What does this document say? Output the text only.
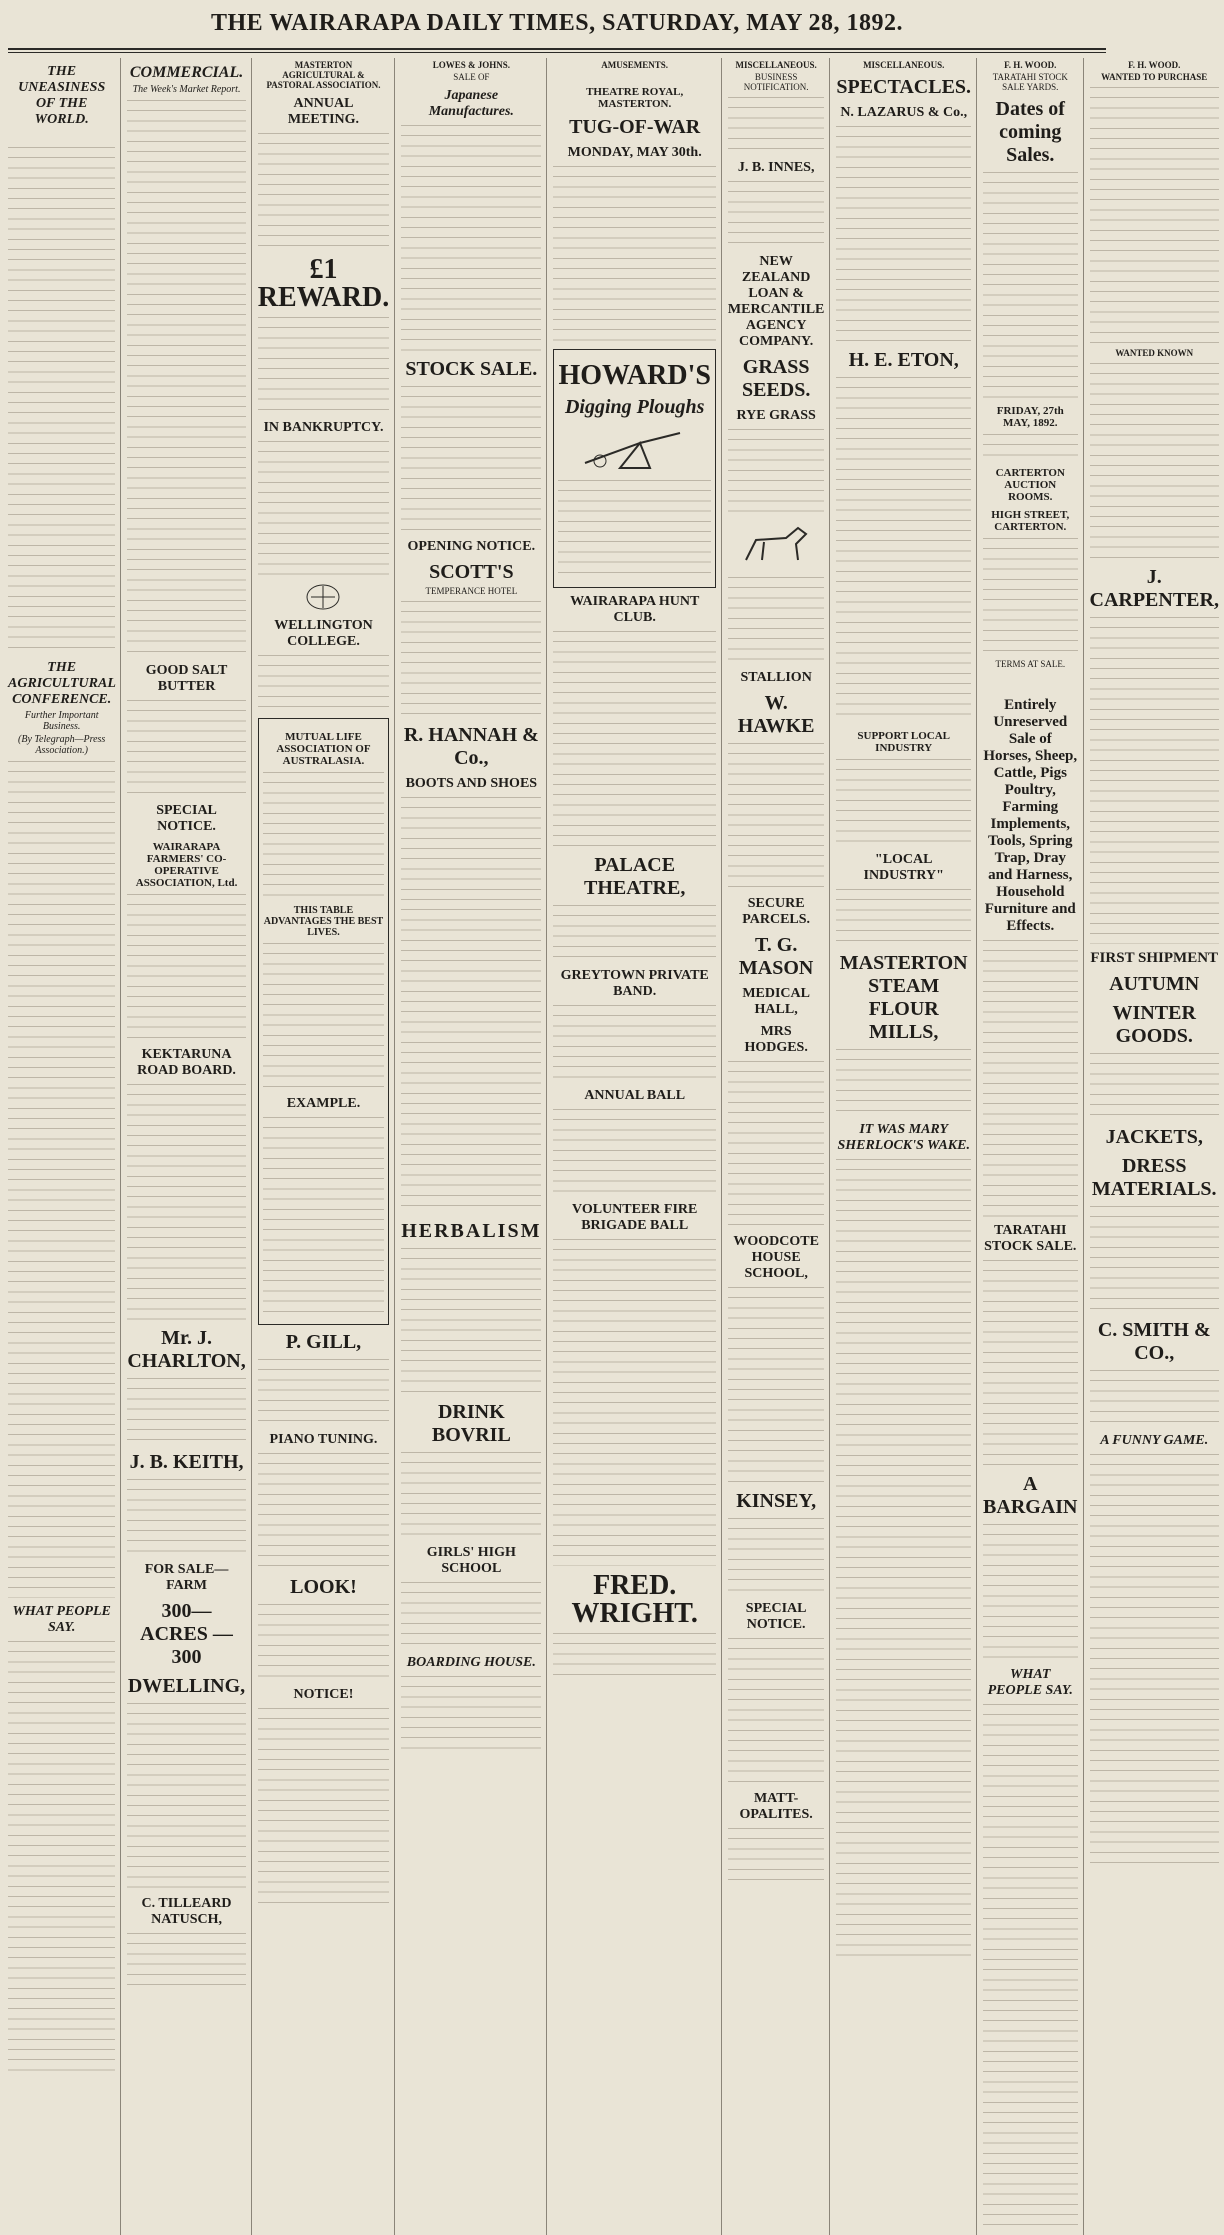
THE WAIRARAPA DAILY TIMES, SATURDAY, MAY 28, 1892.
THE UNEASINESS OF THE WORLD.

THE AGRICULTURAL CONFERENCE.
Further Important Business.
(By Telegraph—Press Association.)
WHAT PEOPLE SAY.
COMMERCIAL.
The Week's Market Report.
GOOD SALT BUTTER
SPECIAL NOTICE.
WAIRARAPA FARMERS' CO-OPERATIVE ASSOCIATION, Ltd.
KEKTARUNA ROAD BOARD.
Mr. J. CHARLTON,
J. B. KEITH,
FOR SALE—FARM
300— ACRES —300
DWELLING,
C. TILLEARD NATUSCH,
MASTERTON AGRICULTURAL & PASTORAL ASSOCIATION.
ANNUAL MEETING.
£1 REWARD.
IN BANKRUPTCY.
WELLINGTON COLLEGE.
MUTUAL LIFE ASSOCIATION OF AUSTRALASIA.
THIS TABLE ADVANTAGES THE BEST LIVES.
EXAMPLE.
P. GILL,
PIANO TUNING.
LOOK!
NOTICE!
LOWES & JOHNS.
SALE OF
Japanese Manufactures.
STOCK SALE.
OPENING NOTICE.
SCOTT'S
TEMPERANCE HOTEL
R. HANNAH & Co.,
BOOTS AND SHOES
HERBALISM
DRINK BOVRIL
GIRLS' HIGH SCHOOL
BOARDING HOUSE.
AMUSEMENTS.
THEATRE ROYAL, MASTERTON.
TUG-OF-WAR
MONDAY, MAY 30th.
HOWARD'S
Digging Ploughs
WAIRARAPA HUNT CLUB.
PALACE THEATRE,
GREYTOWN PRIVATE BAND.
ANNUAL BALL
VOLUNTEER FIRE BRIGADE BALL
FRED. WRIGHT.
MISCELLANEOUS.
BUSINESS NOTIFICATION.
J. B. INNES,
NEW ZEALAND LOAN & MERCANTILE AGENCY COMPANY.
GRASS SEEDS.
RYE GRASS
STALLION
W. HAWKE
SECURE PARCELS.
T. G. MASON
MEDICAL HALL,
MRS HODGES.
WOODCOTE HOUSE SCHOOL,
KINSEY,
SPECIAL NOTICE.
MATT-OPALITES.
MISCELLANEOUS.
SPECTACLES.
N. LAZARUS & Co.,
H. E. ETON,
SUPPORT LOCAL INDUSTRY
"LOCAL INDUSTRY"
MASTERTON STEAM FLOUR MILLS,
IT WAS MARY SHERLOCK'S WAKE.
F. H. WOOD.
TARATAHI STOCK SALE YARDS.
Dates of coming Sales.
FRIDAY, 27th MAY, 1892.
CARTERTON AUCTION ROOMS.
HIGH STREET, CARTERTON.
TERMS AT SALE.
Entirely Unreserved Sale of Horses, Sheep, Cattle, Pigs Poultry, Farming Implements, Tools, Spring Trap, Dray and Harness, Household Furniture and Effects.
TARATAHI STOCK SALE.
A BARGAIN
WHAT PEOPLE SAY.
F. H. WOOD.
WANTED TO PURCHASE
WANTED KNOWN
J. CARPENTER,
FIRST SHIPMENT
AUTUMN
WINTER GOODS.
JACKETS,
DRESS MATERIALS.
C. SMITH & CO.,
A FUNNY GAME.
